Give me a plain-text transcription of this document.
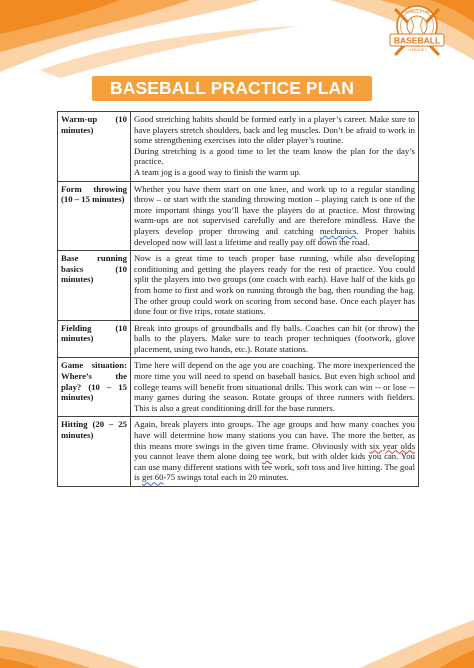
• WORKOUTLAB •
BASEBALL
• LEAGUE •
BASEBALL PRACTICE PLAN
Warm-up (10 minutes)	Good stretching habits should be formed early in a player’s career. Make sure to have players stretch shoulders, back and leg muscles. Don’t be afraid to work in some strengthening exercises into the older player’s routine.

During stretching is a good time to let the team know the plan for the day’s practice.

A team jog is a good way to finish the warm up.

Form throwing (10 – 15 minutes)	Whether you have them start on one knee, and work up to a regular standing throw – or start with the standing throwing motion – playing catch is one of the more important things you’ll have the players do at practice. Most throwing warm-ups are not supervised carefully and are therefore mindless. Have the players develop proper throwing and catching mechanics. Proper habits developed now will last a lifetime and really pay off down the road.
Base running basics (10 minutes)	Now is a great time to teach proper base running, while also developing conditioning and getting the players ready for the rest of practice. You could split the players into two groups (one coach with each). Have half of the kids go from home to first and work on running through the bag, then rounding the bag. The other group could work on scoring from second base. Once each player has done four or five trips, rotate stations.
Fielding (10 minutes)	Break into groups of groundballs and fly balls. Coaches can hit (or throw) the balls to the players. Make sure to teach proper techniques (footwork, glove placement, using two hands, etc.). Rotate stations.
Game situation: Where’s the play? (10 – 15 minutes)	Time here will depend on the age you are coaching. The more inexperienced the more time you will need to spend on baseball basics. But even high school and college teams will benefit from situational drills. This work can win -- or lose -- many games during the season. Rotate groups of three runners with fielders. This is also a great conditioning drill for the base runners.
Hitting (20 – 25 minutes)	Again, break players into groups. The age groups and how many coaches you have will determine how many stations you can have. The more the better, as this means more swings in the given time frame. Obviously with six year olds you cannot leave them alone doing tee work, but with older kids you can. You can use many different stations with tee work, soft toss and live hitting. The goal is get 60-75 swings total each in 20 minutes.
